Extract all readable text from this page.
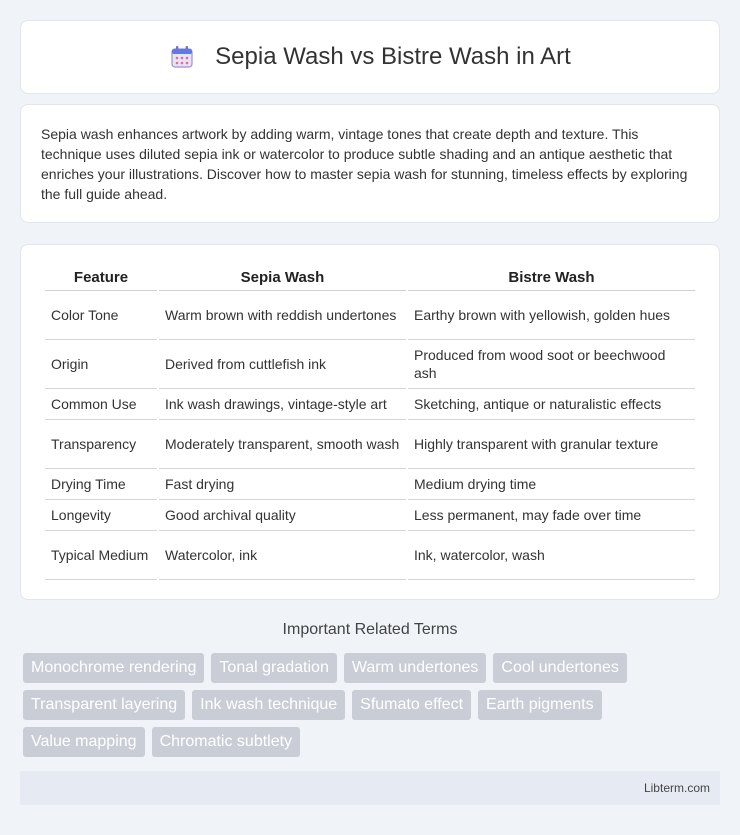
Sepia Wash vs Bistre Wash in Art

Sepia wash enhances artwork by adding warm, vintage tones that create depth and texture. This technique uses diluted sepia ink or watercolor to produce subtle shading and an antique aesthetic that enriches your illustrations. Discover how to master sepia wash for stunning, timeless effects by exploring the full guide ahead.

Feature	Sepia Wash	Bistre Wash
Color Tone	Warm brown with reddish undertones	Earthy brown with yellowish, golden hues
Origin	Derived from cuttlefish ink	Produced from wood soot or beechwood ash
Common Use	Ink wash drawings, vintage-style art	Sketching, antique or naturalistic effects
Transparency	Moderately transparent, smooth wash	Highly transparent with granular texture
Drying Time	Fast drying	Medium drying time
Longevity	Good archival quality	Less permanent, may fade over time
Typical Medium	Watercolor, ink	Ink, watercolor, wash
Important Related Terms
Monochrome rendering	Tonal gradation	Warm undertones	Cool undertones
Transparent layering	Ink wash technique	Sfumato effect	Earth pigments
Value mapping	Chromatic subtlety
Libterm.com
